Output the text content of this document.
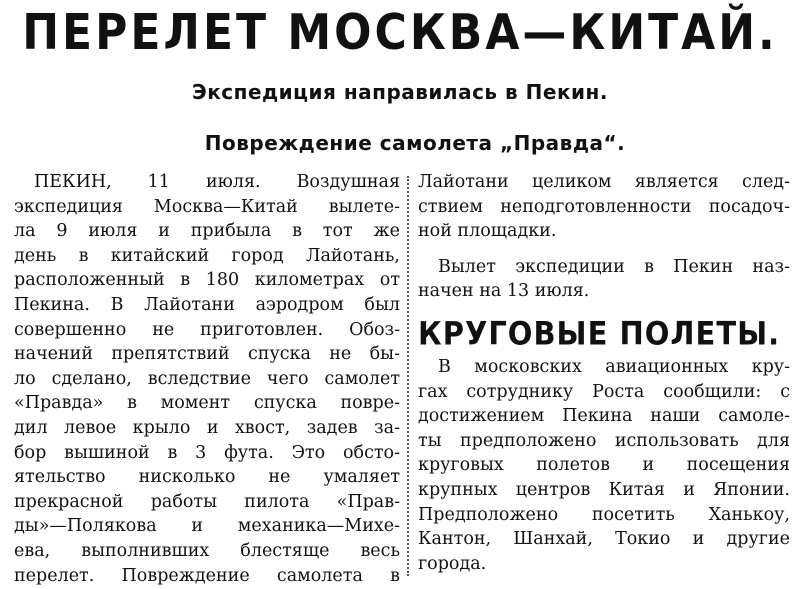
ПЕРЕЛЕТ МОСКВА—КИТАЙ.
Экспедиция направилась в Пекин.
Повреждение самолета „Правда“.
ПЕКИН, 11 июля. Воздушная
экспедиция Москва—Китай вылете-
ла 9 июля и прибыла в тот же
день в китайский город Лайотань,
расположенный в 180 километрах от
Пекина. В Лайотани аэродром был
совершенно не приготовлен. Обоз-
начений препятствий спуска не бы-
ло сделано, вследствие чего самолет
«Правда» в момент спуска повре-
дил левое крыло и хвост, задев за-
бор вышиной в 3 фута. Это обсто-
ятельство нисколько не умаляет
прекрасной работы пилота «Прав-
ды»—Полякова и механика—Михе-
ева, выполнивших блестяще весь
перелет. Повреждение самолета в
Лайотани целиком является след-
ствием неподготовленности посадоч-
ной площадки.
Вылет экспедиции в Пекин наз-
начен на 13 июля.
КРУГОВЫЕ ПОЛЕТЫ.
В московских авиационных кру-
гах сотруднику Роста сообщили: с
достижением Пекина наши самоле-
ты предположено использовать для
круговых полетов и посещения
крупных центров Китая и Японии.
Предположено посетить Ханькоу,
Кантон, Шанхай, Токио и другие
города.
